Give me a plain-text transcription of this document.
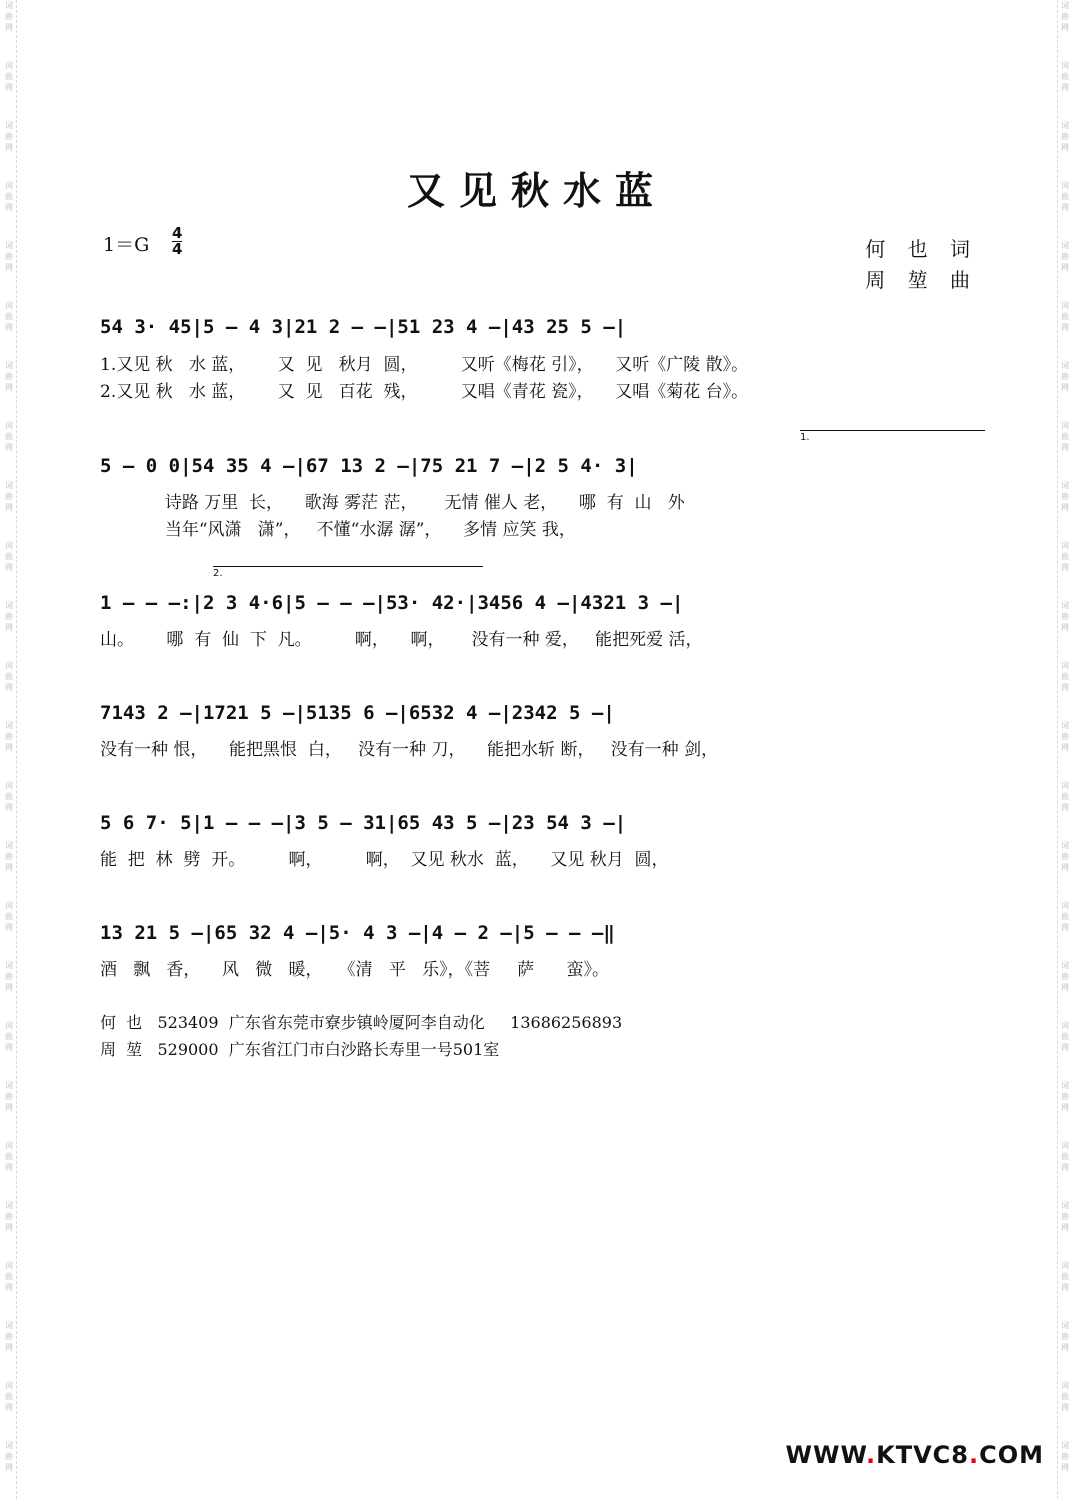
词
曲
网
词
曲
网
词
曲
网
词
曲
网
词
曲
网
词
曲
网
词
曲
网
词
曲
网
词
曲
网
词
曲
网
词
曲
网
词
曲
网
词
曲
网
词
曲
网
词
曲
网
词
曲
网
词
曲
网
词
曲
网
词
曲
网
词
曲
网
词
曲
网
词
曲
网
词
曲
网
词
曲
网
词
曲
网
词
曲
网
词
曲
网
词
曲
网
词
曲
网
词
曲
网
词
曲
网
词
曲
网
词
曲
网
词
曲
网
词
曲
网
词
曲
网
词
曲
网
词
曲
网
词
曲
网
词
曲
网
词
曲
网
词
曲
网
词
曲
网
词
曲
网
词
曲
网
词
曲
网
词
曲
网
词
曲
网
词
曲
网
词
曲
网
又见秋水蓝
1＝G
4
4	何 也 词
周 堃 曲
54 3· 45|5 – 4 3|21 2 – –|51 23 4 –|43 25 5 –|
1.又见 秋   水 蓝，      又  见   秋月  圆，        又听《梅花 引》，    又听《广陵 散》。
2.又见 秋   水 蓝，      又  见   百花  残，        又唱《青花 瓷》，    又唱《菊花 台》。
1.
5 – 0 0|54 35 4 –|67 13 2 –|75 21 7 –|2 5 4· 3|
诗路 万里  长，    歌海 雾茫 茫，     无情 催人 老，    哪  有  山   外
当年“风潇   潇”，   不懂“水潺 潺”，    多情 应笑 我，
2.
1 – – –:|2 3 4·6|5 – – –|53· 42·|3456 4 –|4321 3 –|
山。      哪  有  仙  下  凡。        啊，    啊，     没有一种 爱，   能把死爱 活，
7143 2 –|1721 5 –|5135 6 –|6532 4 –|2342 5 –|
没有一种 恨，    能把黑恨  白，   没有一种 刀，    能把水斩 断，   没有一种 剑，
5 6 7· 5|1 – – –|3 5 – 31|65 43 5 –|23 54 3 –|
能  把  林  劈  开。        啊，        啊，  又见 秋水  蓝，    又见 秋月  圆，
13 21 5 –|65 32 4 –|5· 4 3 –|4 – 2 –|5 – – –‖
酒   飘   香，    风   微   暖，   《清   平   乐》，《菩     萨      蛮》。
何  也 523409 广东省东莞市寮步镇岭厦阿李自动化 13686256893
周  堃 529000 广东省江门市白沙路长寿里一号501室
WWW.KTVC8.COM
